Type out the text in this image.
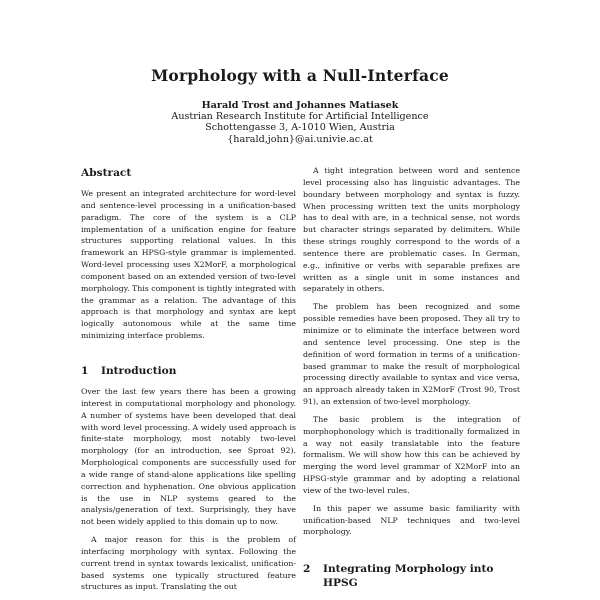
Morphology with a Null-Interface
Harald Trost and Johannes Matiasek
Austrian Research Institute for Artificial Intelligence
Schottengasse 3, A-1010 Wien, Austria
{harald,john}@ai.univie.ac.at
Abstract

We present an integrated architecture for word-level and sentence-level processing in a unification-based paradigm. The core of the system is a CLP implementation of a unification engine for feature structures supporting relational values. In this framework an HPSG-style grammar is implemented. Word-level processing uses X2MorF, a morphological component based on an extended version of two-level morphology. This component is tightly integrated with the grammar as a relation. The advantage of this approach is that morphology and syntax are kept logically autonomous while at the same time minimizing interface problems.

1 Introduction

Over the last few years there has been a growing interest in computational morphology and phonology. A number of systems have been developed that deal with word level processing. A widely used approach is finite-state morphology, most notably two-level morphology (for an introduction, see Sproat 92). Morphological components are successfully used for a wide range of stand-alone applications like spelling correction and hyphenation. One obvious application is the use in NLP systems geared to the analysis/generation of text. Surprisingly, they have not been widely applied to this domain up to now.

A major reason for this is the problem of interfacing morphology with syntax. Following the current trend in syntax towards lexicalist, unification-based systems one typically structured feature structures as input. Translating the out

A tight integration between word and sentence level processing also has linguistic advantages. The boundary between morphology and syntax is fuzzy. When processing written text the units morphology has to deal with are, in a technical sense, not words but character strings separated by delimiters. While these strings roughly correspond to the words of a sentence there are problematic cases. In German, e.g., infinitive or verbs with separable prefixes are written as a single unit in some instances and separately in others.

The problem has been recognized and some possible remedies have been proposed. They all try to minimize or to eliminate the interface between word and sentence level processing. One step is the definition of word formation in terms of a unification-based grammar to make the result of morphological processing directly available to syntax and vice versa, an approach already taken in X2MorF (Trost 90, Trost 91), an extension of two-level morphology.

The basic problem is the integration of morphophonology which is traditionally formalized in a way not easily translatable into the feature formalism. We will show how this can be achieved by merging the word level grammar of X2MorF into an HPSG-style grammar and by adopting a relational view of the two-level rules.

In this paper we assume basic familiarity with unification-based NLP techniques and two-level morphology.

2	Integrating Morphology into HPSG
